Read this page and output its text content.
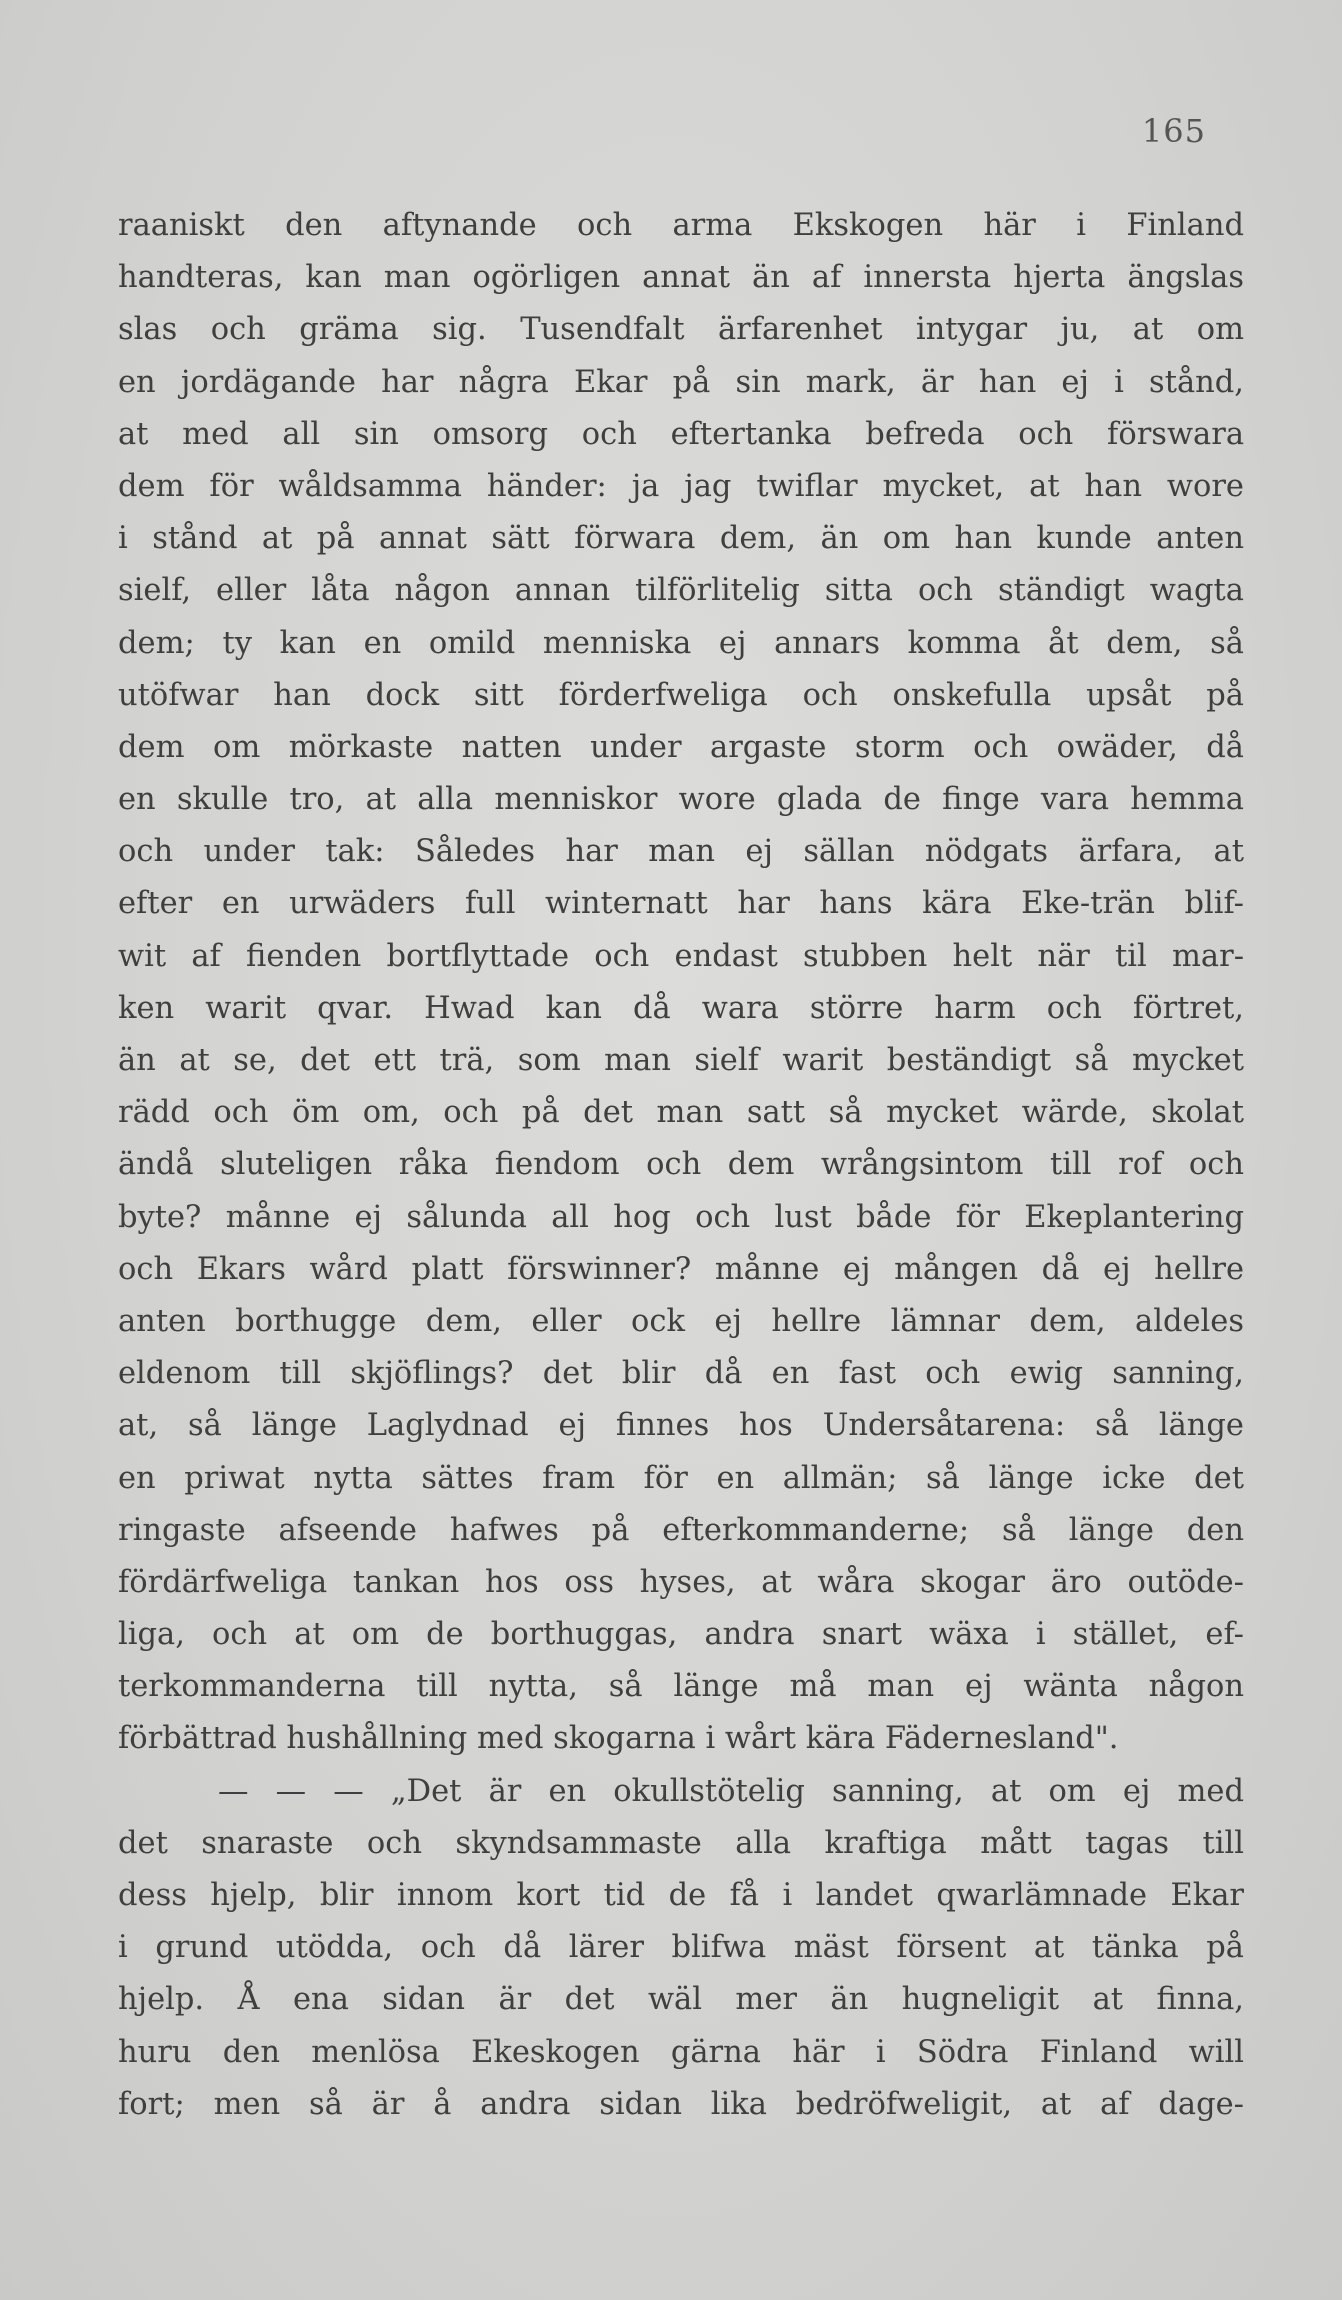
165
raaniskt den aftynande och arma Ekskogen här i Finland
handteras, kan man ogörligen annat än af innersta hjerta ängslas
slas och gräma sig. Tusendfalt ärfarenhet intygar ju, at om
en jordägande har några Ekar på sin mark, är han ej i stånd,
at med all sin omsorg och eftertanka befreda och förswara
dem för wåldsamma händer: ja jag twiflar mycket, at han wore
i stånd at på annat sätt förwara dem, än om han kunde anten
sielf, eller låta någon annan tilförlitelig sitta och ständigt wagta
dem; ty kan en omild menniska ej annars komma åt dem, så
utöfwar han dock sitt förderfweliga och onskefulla upsåt på
dem om mörkaste natten under argaste storm och owäder, då
en skulle tro, at alla menniskor wore glada de finge vara hemma
och under tak: Således har man ej sällan nödgats ärfara, at
efter en urwäders full winternatt har hans kära Eke-trän blif-
wit af fienden bortflyttade och endast stubben helt när til mar-
ken warit qvar. Hwad kan då wara större harm och förtret,
än at se, det ett trä, som man sielf warit beständigt så mycket
rädd och öm om, och på det man satt så mycket wärde, skolat
ändå sluteligen råka fiendom och dem wrångsintom till rof och
byte? månne ej sålunda all hog och lust både för Ekeplantering
och Ekars wård platt förswinner? månne ej mången då ej hellre
anten borthugge dem, eller ock ej hellre lämnar dem, aldeles
eldenom till skjöflings? det blir då en fast och ewig sanning,
at, så länge Laglydnad ej finnes hos Undersåtarena: så länge
en priwat nytta sättes fram för en allmän; så länge icke det
ringaste afseende hafwes på efterkommanderne; så länge den
fördärfweliga tankan hos oss hyses, at wåra skogar äro outöde-
liga, och at om de borthuggas, andra snart wäxa i stället, ef-
terkommanderna till nytta, så länge må man ej wänta någon
förbättrad hushållning med skogarna i wårt kära Fädernesland".
— — — „Det är en okullstötelig sanning, at om ej med
det snaraste och skyndsammaste alla kraftiga mått tagas till
dess hjelp, blir innom kort tid de få i landet qwarlämnade Ekar
i grund utödda, och då lärer blifwa mäst försent at tänka på
hjelp. Å ena sidan är det wäl mer än hugneligit at finna,
huru den menlösa Ekeskogen gärna här i Södra Finland will
fort; men så är å andra sidan lika bedröfweligit, at af dage-
